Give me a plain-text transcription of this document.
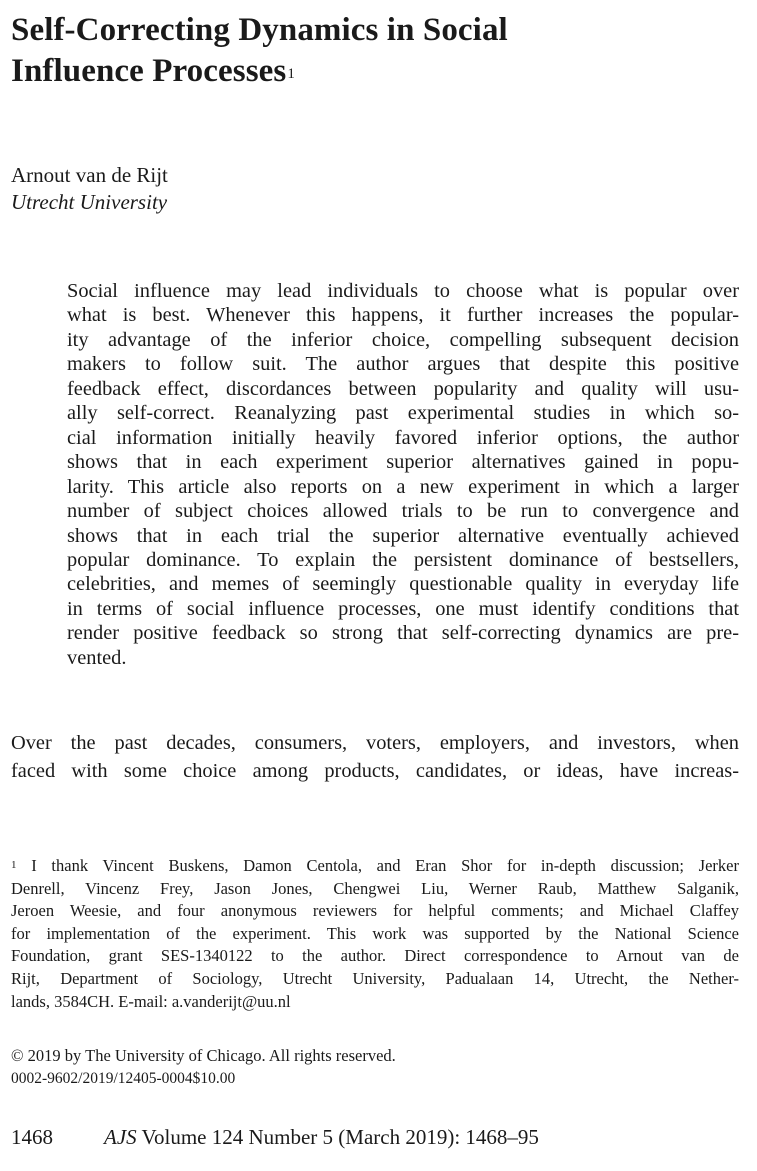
Self-Correcting Dynamics in Social
Influence Processes$^1$
Arnout van de Rijt
Utrecht University
Social influence may lead individuals to choose what is popular over
what is best. Whenever this happens, it further increases the popular-
ity advantage of the inferior choice, compelling subsequent decision
makers to follow suit. The author argues that despite this positive
feedback effect, discordances between popularity and quality will usu-
ally self-correct. Reanalyzing past experimental studies in which so-
cial information initially heavily favored inferior options, the author
shows that in each experiment superior alternatives gained in popu-
larity. This article also reports on a new experiment in which a larger
number of subject choices allowed trials to be run to convergence and
shows that in each trial the superior alternative eventually achieved
popular dominance. To explain the persistent dominance of bestsellers,
celebrities, and memes of seemingly questionable quality in everyday life
in terms of social influence processes, one must identify conditions that
render positive feedback so strong that self-correcting dynamics are pre-
vented.
Over the past decades, consumers, voters, employers, and investors, when
faced with some choice among products, candidates, or ideas, have increas-
$^1$ I thank Vincent Buskens, Damon Centola, and Eran Shor for in-depth discussion; Jerker
Denrell, Vincenz Frey, Jason Jones, Chengwei Liu, Werner Raub, Matthew Salganik,
Jeroen Weesie, and four anonymous reviewers for helpful comments; and Michael Claffey
for implementation of the experiment. This work was supported by the National Science
Foundation, grant SES-1340122 to the author. Direct correspondence to Arnout van de
Rijt, Department of Sociology, Utrecht University, Padualaan 14, Utrecht, the Nether-
lands, 3584CH. E-mail: a.vanderijt@uu.nl
© 2019 by The University of Chicago. All rights reserved.
0002-9602/2019/12405-0004$10.00
1468 AJS Volume 124 Number 5 (March 2019): 1468–95
